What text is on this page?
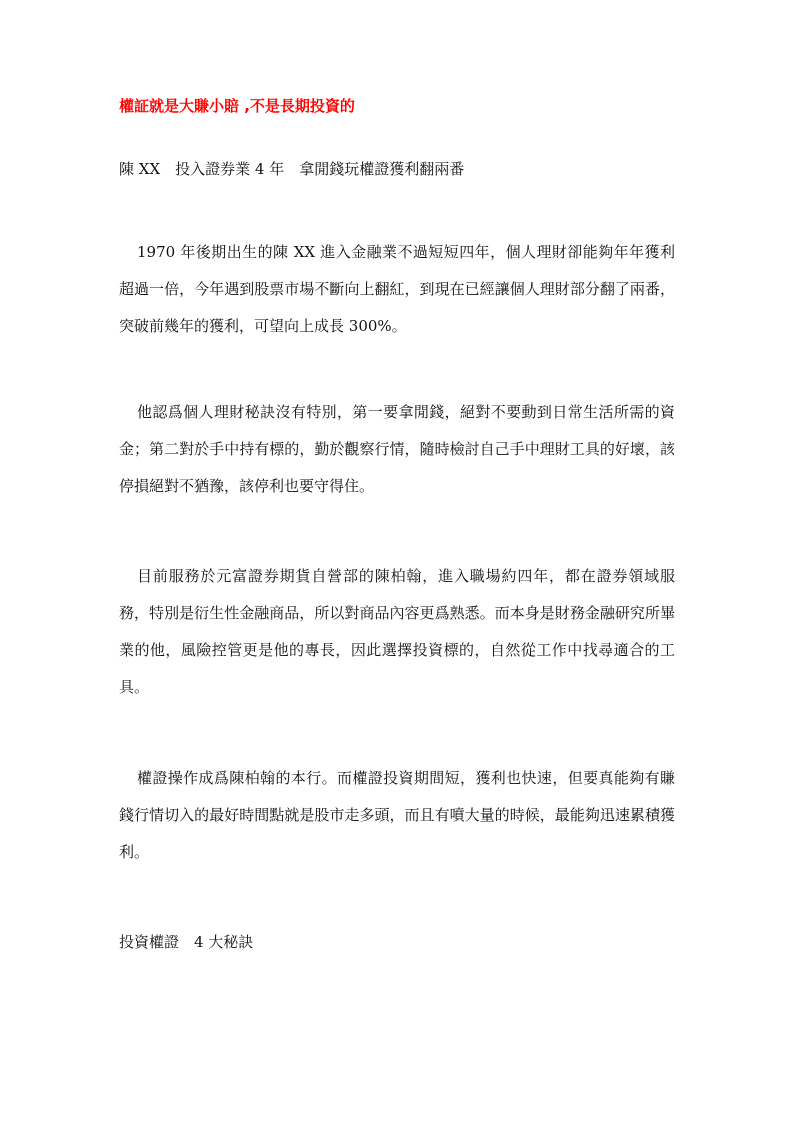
權証就是大賺小賠 ,不是長期投資的
陳 XX　投入證券業 4 年　拿閒錢玩權證獲利翻兩番

1970 年後期出生的陳 XX 進入金融業不過短短四年，個人理財卻能夠年年獲利超過一倍，今年遇到股票市場不斷向上翻紅，到現在已經讓個人理財部分翻了兩番，突破前幾年的獲利，可望向上成長 300%。

他認爲個人理財秘訣沒有特別，第一要拿閒錢，絕對不要動到日常生活所需的資金；第二對於手中持有標的，勤於觀察行情，隨時檢討自己手中理財工具的好壞，該停損絕對不猶豫，該停利也要守得住。

目前服務於元富證券期貨自營部的陳柏翰，進入職場約四年，都在證券領域服務，特別是衍生性金融商品，所以對商品內容更爲熟悉。而本身是財務金融研究所畢業的他，風險控管更是他的專長，因此選擇投資標的，自然從工作中找尋適合的工具。

權證操作成爲陳柏翰的本行。而權證投資期間短，獲利也快速，但要真能夠有賺錢行情切入的最好時間點就是股市走多頭，而且有噴大量的時候，最能夠迅速累積獲利。

投資權證　4 大秘訣
